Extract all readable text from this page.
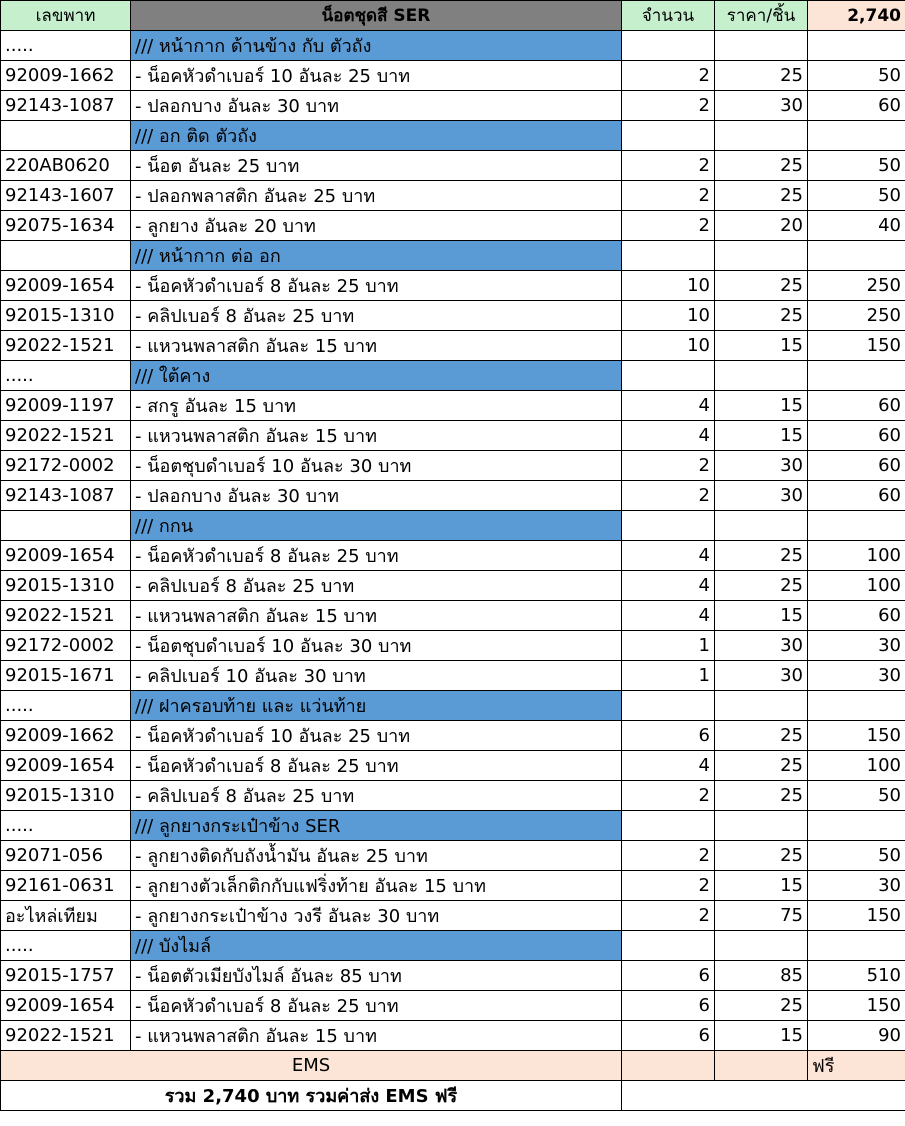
เลขพาท	น็อตชุดสี SER	จำนวน	ราคา/ชิ้น	2,740
.....	/// หน้ากาก ด้านข้าง กับ ตัวถัง			
92009-1662	- น็อคหัวดำเบอร์ 10 อันละ 25 บาท	2	25	50
92143-1087	- ปลอกบาง อันละ 30 บาท	2	30	60
	/// อก ติด ตัวถัง			
220AB0620	- น็อต อันละ 25 บาท	2	25	50
92143-1607	- ปลอกพลาสติก อันละ 25 บาท	2	25	50
92075-1634	- ลูกยาง อันละ 20 บาท	2	20	40
	/// หน้ากาก ต่อ อก			
92009-1654	- น็อคหัวดำเบอร์ 8 อันละ 25 บาท	10	25	250
92015-1310	- คลิปเบอร์ 8 อันละ 25 บาท	10	25	250
92022-1521	- แหวนพลาสติก อันละ 15 บาท	10	15	150
.....	/// ใต้คาง			
92009-1197	- สกรู อันละ 15 บาท	4	15	60
92022-1521	- แหวนพลาสติก อันละ 15 บาท	4	15	60
92172-0002	- น็อตชุบดำเบอร์ 10 อันละ 30 บาท	2	30	60
92143-1087	- ปลอกบาง อันละ 30 บาท	2	30	60
	/// กกน			
92009-1654	- น็อคหัวดำเบอร์ 8 อันละ 25 บาท	4	25	100
92015-1310	- คลิปเบอร์ 8 อันละ 25 บาท	4	25	100
92022-1521	- แหวนพลาสติก อันละ 15 บาท	4	15	60
92172-0002	- น็อตชุบดำเบอร์ 10 อันละ 30 บาท	1	30	30
92015-1671	- คลิปเบอร์ 10 อันละ 30 บาท	1	30	30
.....	/// ฝาครอบท้าย และ แว่นท้าย			
92009-1662	- น็อคหัวดำเบอร์ 10 อันละ 25 บาท	6	25	150
92009-1654	- น็อคหัวดำเบอร์ 8 อันละ 25 บาท	4	25	100
92015-1310	- คลิปเบอร์ 8 อันละ 25 บาท	2	25	50
.....	/// ลูกยางกระเป๋าข้าง SER			
92071-056	- ลูกยางติดกับถังน้ำมัน อันละ 25 บาท	2	25	50
92161-0631	- ลูกยางตัวเล็กติกกับแฟริ่งท้าย อันละ 15 บาท	2	15	30
อะไหล่เทียม	- ลูกยางกระเป๋าข้าง วงรี อันละ 30 บาท	2	75	150
.....	/// บังไมล์			
92015-1757	- น็อตตัวเมียบังไมล์ อันละ 85 บาท	6	85	510
92009-1654	- น็อคหัวดำเบอร์ 8 อันละ 25 บาท	6	25	150
92022-1521	- แหวนพลาสติก อันละ 15 บาท	6	15	90
EMS				ฟรี
รวม 2,740 บาท รวมค่าส่ง EMS ฟรี				
